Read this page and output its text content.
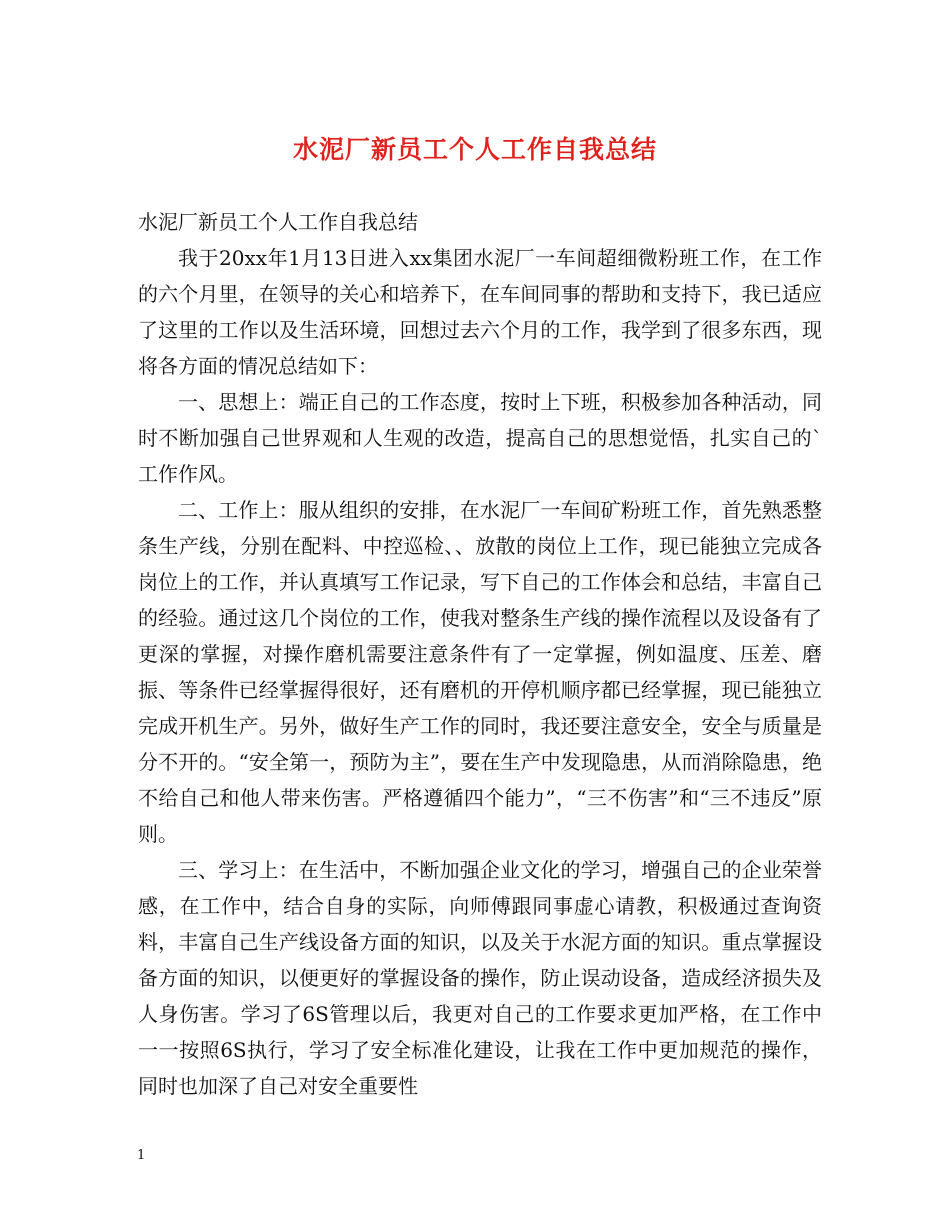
水泥厂新员工个人工作自我总结

水泥厂新员工个人工作自我总结

我于20xx年1月13日进入xx集团水泥厂一车间超细微粉班工作，在工作的六个月里，在领导的关心和培养下，在车间同事的帮助和支持下，我已适应了这里的工作以及生活环境，回想过去六个月的工作，我学到了很多东西，现将各方面的情况总结如下：

一、思想上：端正自己的工作态度，按时上下班，积极参加各种活动，同时不断加强自己世界观和人生观的改造，提高自己的思想觉悟，扎实自己的`工作作风。

二、工作上：服从组织的安排，在水泥厂一车间矿粉班工作，首先熟悉整条生产线，分别在配料、中控巡检、、放散的岗位上工作，现已能独立完成各岗位上的工作，并认真填写工作记录，写下自己的工作体会和总结，丰富自己的经验。通过这几个岗位的工作，使我对整条生产线的操作流程以及设备有了更深的掌握，对操作磨机需要注意条件有了一定掌握，例如温度、压差、磨振、等条件已经掌握得很好，还有磨机的开停机顺序都已经掌握，现已能独立完成开机生产。另外，做好生产工作的同时，我还要注意安全，安全与质量是分不开的。“安全第一，预防为主”，要在生产中发现隐患，从而消除隐患，绝不给自己和他人带来伤害。严格遵循四个能力”，“三不伤害”和“三不违反”原则。

三、学习上：在生活中，不断加强企业文化的学习，增强自己的企业荣誉感，在工作中，结合自身的实际，向师傅跟同事虚心请教，积极通过查询资料，丰富自己生产线设备方面的知识，以及关于水泥方面的知识。重点掌握设备方面的知识，以便更好的掌握设备的操作，防止误动设备，造成经济损失及人身伤害。学习了6S管理以后，我更对自己的工作要求更加严格，在工作中一一按照6S执行，学习了安全标准化建设，让我在工作中更加规范的操作，同时也加深了自己对安全重要性

1
